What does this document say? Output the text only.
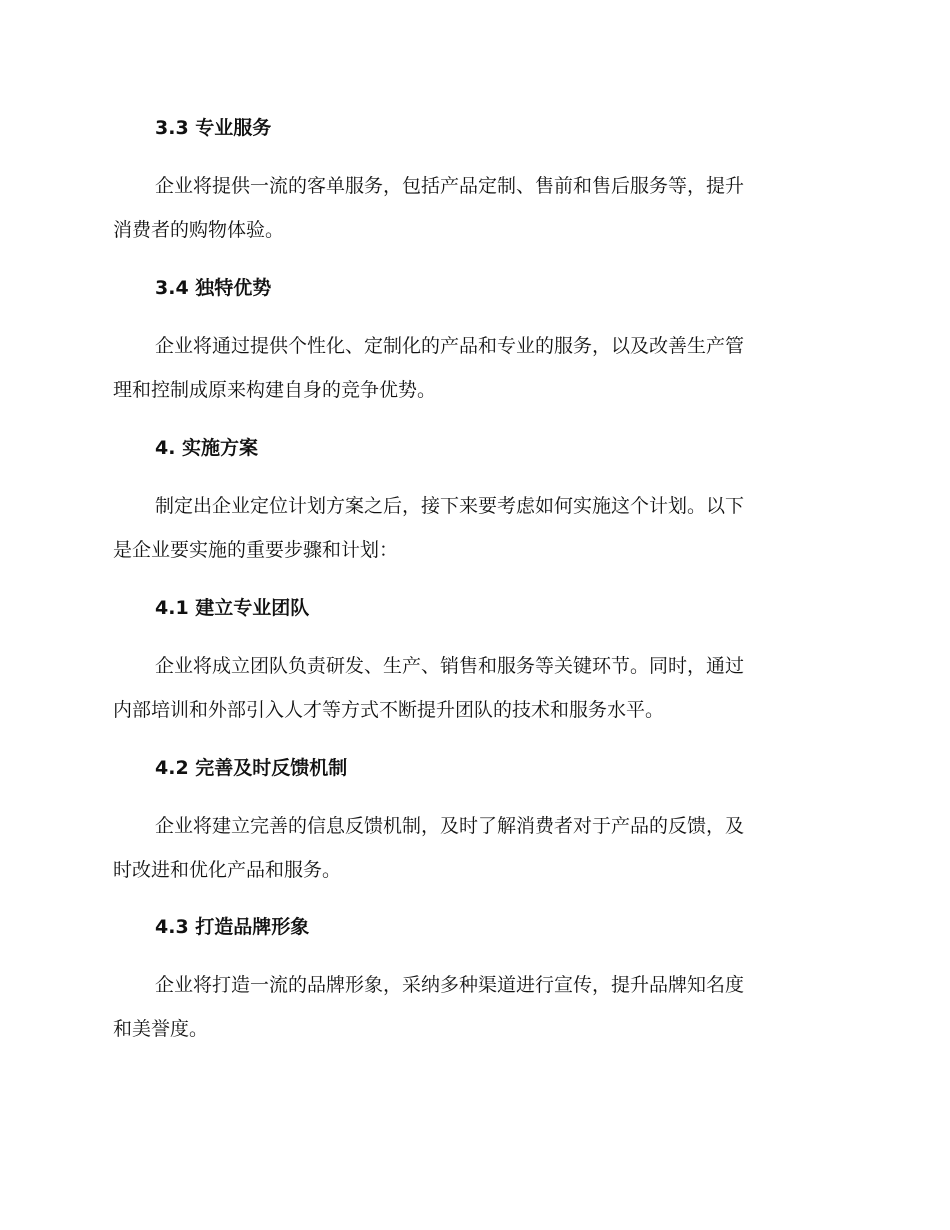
3.3 专业服务
企业将提供一流的客单服务，包括产品定制、售前和售后服务等，提升
消费者的购物体验。
3.4 独特优势
企业将通过提供个性化、定制化的产品和专业的服务，以及改善生产管
理和控制成原来构建自身的竞争优势。
4. 实施方案
制定出企业定位计划方案之后，接下来要考虑如何实施这个计划。以下
是企业要实施的重要步骤和计划：
4.1 建立专业团队
企业将成立团队负责研发、生产、销售和服务等关键环节。同时，通过
内部培训和外部引入人才等方式不断提升团队的技术和服务水平。
4.2 完善及时反馈机制
企业将建立完善的信息反馈机制，及时了解消费者对于产品的反馈，及
时改进和优化产品和服务。
4.3 打造品牌形象
企业将打造一流的品牌形象，采纳多种渠道进行宣传，提升品牌知名度
和美誉度。
